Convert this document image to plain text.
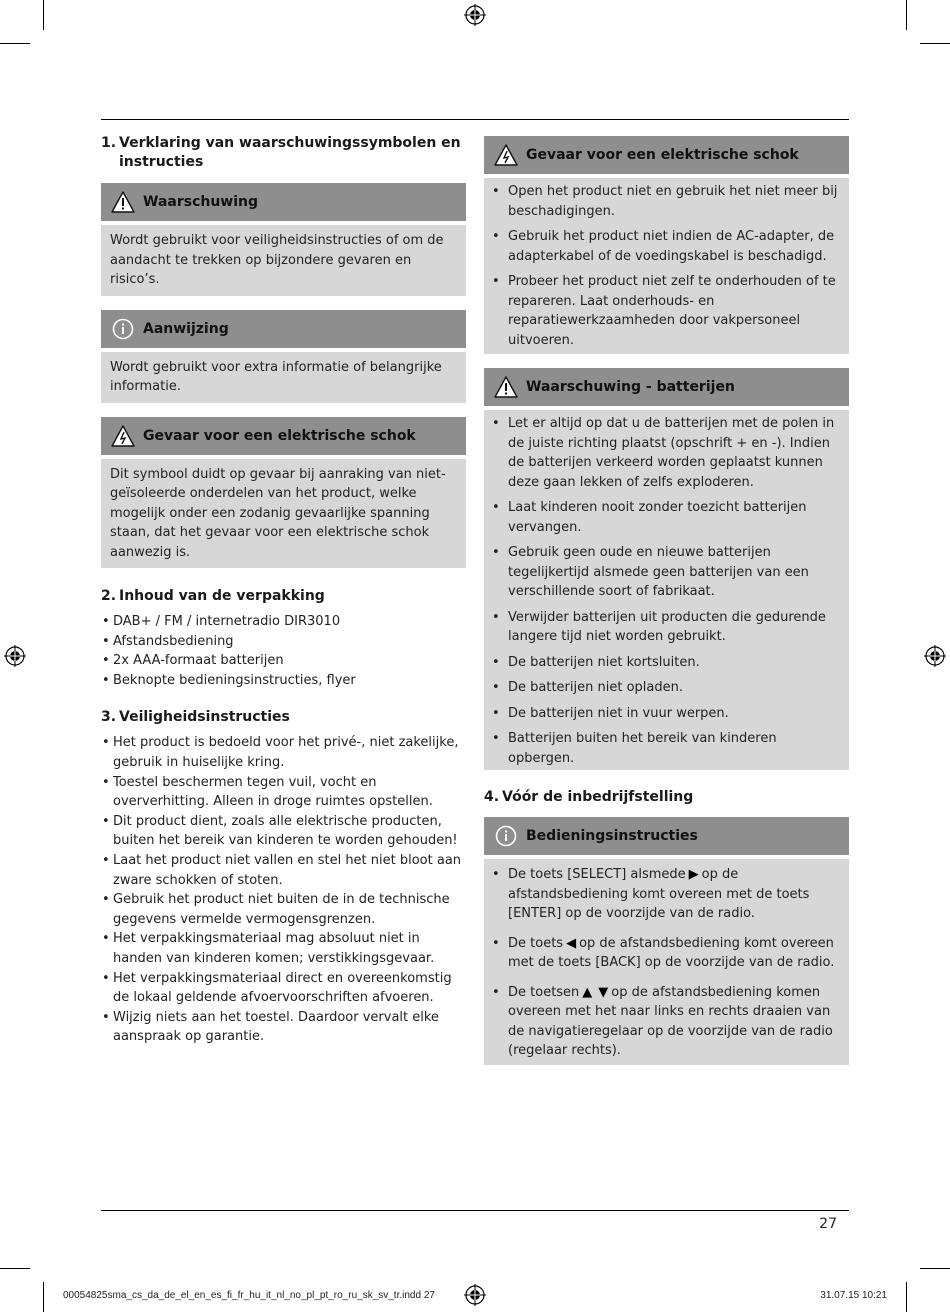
1. Verklaring van waarschuwingssymbolen en instructies
Waarschuwing

Wordt gebruikt voor veiligheidsinstructies of om de aandacht te trekken op bijzondere gevaren en risico’s.

Aanwijzing

Wordt gebruikt voor extra informatie of belangrijke informatie.

Gevaar voor een elektrische schok

Dit symbool duidt op gevaar bij aanraking van niet-geïsoleerde onderdelen van het product, welke mogelijk onder een zodanig gevaarlijke spanning staan, dat het gevaar voor een elektrische schok aanwezig is.

2. Inhoud van de verpakking
• DAB+ / FM / internetradio DIR3010
• Afstandsbediening
• 2x AAA-formaat batterijen
• Beknopte bedieningsinstructies, flyer
3. Veiligheidsinstructies
• Het product is bedoeld voor het privé-, niet zakelijke, gebruik in huiselijke kring.
• Toestel beschermen tegen vuil, vocht en oververhitting. Alleen in droge ruimtes opstellen.
• Dit product dient, zoals alle elektrische producten, buiten het bereik van kinderen te worden gehouden!
• Laat het product niet vallen en stel het niet bloot aan zware schokken of stoten.
• Gebruik het product niet buiten de in de technische gegevens vermelde vermogensgrenzen.
• Het verpakkingsmateriaal mag absoluut niet in handen van kinderen komen; verstikkingsgevaar.
• Het verpakkingsmateriaal direct en overeenkomstig de lokaal geldende afvoervoorschriften afvoeren.
• Wijzig niets aan het toestel. Daardoor vervalt elke aanspraak op garantie.
Gevaar voor een elektrische schok
• Open het product niet en gebruik het niet meer bij beschadigingen.
• Gebruik het product niet indien de AC-adapter, de adapterkabel of de voedingskabel is beschadigd.
• Probeer het product niet zelf te onderhouden of te repareren. Laat onderhouds- en reparatiewerkzaamheden door vakpersoneel uitvoeren.
Waarschuwing - batterijen
• Let er altijd op dat u de batterijen met de polen in de juiste richting plaatst (opschrift + en -). Indien de batterijen verkeerd worden geplaatst kunnen deze gaan lekken of zelfs exploderen.
• Laat kinderen nooit zonder toezicht batterijen vervangen.
• Gebruik geen oude en nieuwe batterijen tegelijkertijd alsmede geen batterijen van een verschillende soort of fabrikaat.
• Verwijder batterijen uit producten die gedurende langere tijd niet worden gebruikt.
• De batterijen niet kortsluiten.
• De batterijen niet opladen.
• De batterijen niet in vuur werpen.
• Batterijen buiten het bereik van kinderen opbergen.
4. Vóór de inbedrijfstelling
Bedieningsinstructies
• De toets [SELECT] alsmede ▶ op de afstandsbediening komt overeen met de toets [ENTER] op de voorzijde van de radio.
• De toets ◀ op de afstandsbediening komt overeen met de toets [BACK] op de voorzijde van de radio.
• De toetsen ▲ ▼ op de afstandsbediening komen overeen met het naar links en rechts draaien van de navigatieregelaar op de voorzijde van de radio (regelaar rechts).
27
00054825sma_cs_da_de_el_en_es_fi_fr_hu_it_nl_no_pl_pt_ro_ru_sk_sv_tr.indd 27	31.07.15 10:21
